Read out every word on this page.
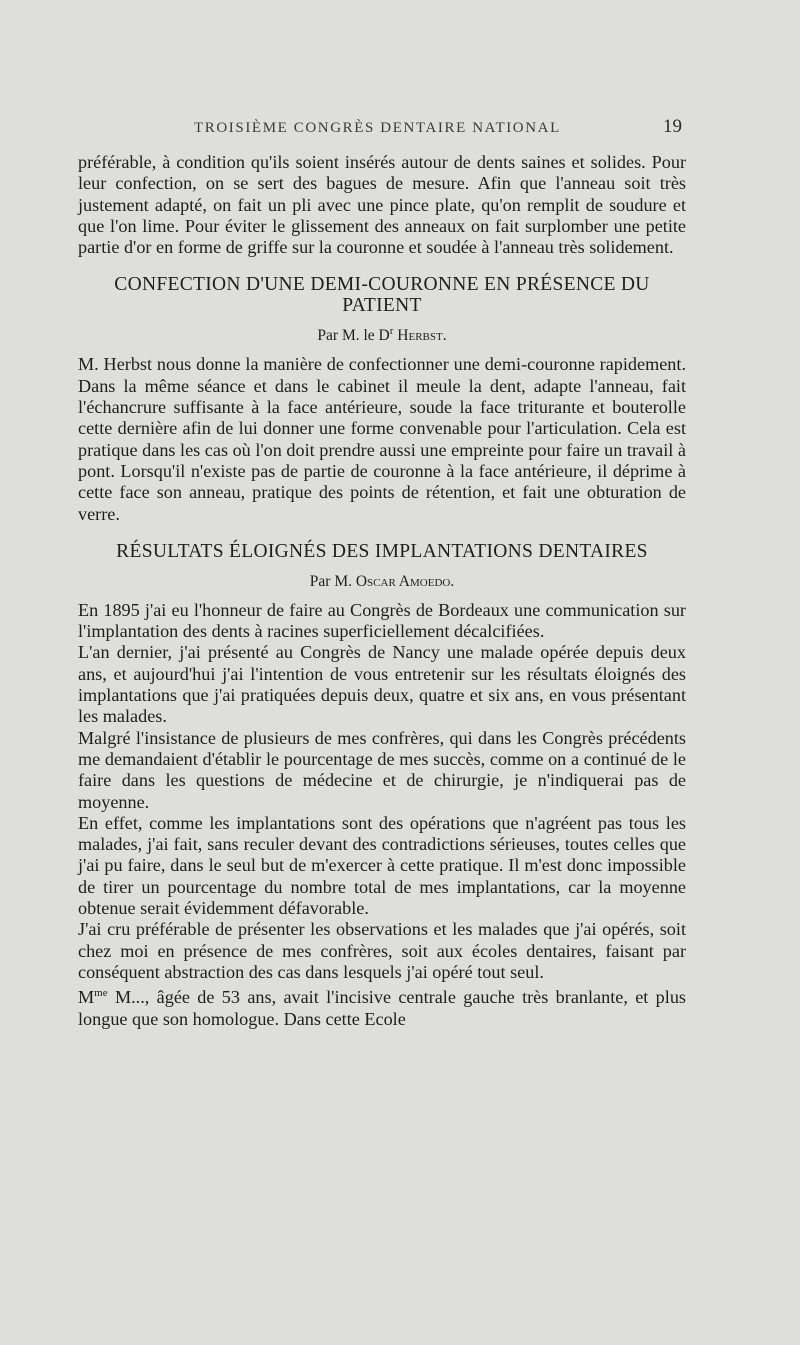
TROISIÈME CONGRÈS DENTAIRE NATIONAL	19

préférable, à condition qu'ils soient insérés autour de dents saines et solides. Pour leur confection, on se sert des bagues de mesure. Afin que l'anneau soit très justement adapté, on fait un pli avec une pince plate, qu'on remplit de soudure et que l'on lime. Pour éviter le glissement des anneaux on fait surplomber une petite partie d'or en forme de griffe sur la couronne et soudée à l'anneau très solidement.

CONFECTION D'UNE DEMI-COURONNE EN PRÉSENCE DU PATIENT
Par M. le $D^r$ Herbst.

M. Herbst nous donne la manière de confectionner une demi-couronne rapidement. Dans la même séance et dans le cabinet il meule la dent, adapte l'anneau, fait l'échancrure suffisante à la face antérieure, soude la face triturante et bouterolle cette dernière afin de lui donner une forme convenable pour l'articulation. Cela est pratique dans les cas où l'on doit prendre aussi une empreinte pour faire un travail à pont. Lorsqu'il n'existe pas de partie de couronne à la face antérieure, il déprime à cette face son anneau, pratique des points de rétention, et fait une obturation de verre.

RÉSULTATS ÉLOIGNÉS DES IMPLANTATIONS DENTAIRES
Par M. Oscar Amoedo.

En 1895 j'ai eu l'honneur de faire au Congrès de Bordeaux une communication sur l'implantation des dents à racines superficiellement décalcifiées.

L'an dernier, j'ai présenté au Congrès de Nancy une malade opérée depuis deux ans, et aujourd'hui j'ai l'intention de vous entretenir sur les résultats éloignés des implantations que j'ai pratiquées depuis deux, quatre et six ans, en vous présentant les malades.

Malgré l'insistance de plusieurs de mes confrères, qui dans les Congrès précédents me demandaient d'établir le pourcentage de mes succès, comme on a continué de le faire dans les questions de médecine et de chirurgie, je n'indiquerai pas de moyenne.

En effet, comme les implantations sont des opérations que n'agréent pas tous les malades, j'ai fait, sans reculer devant des contradictions sérieuses, toutes celles que j'ai pu faire, dans le seul but de m'exercer à cette pratique. Il m'est donc impossible de tirer un pourcentage du nombre total de mes implantations, car la moyenne obtenue serait évidemment défavorable.

J'ai cru préférable de présenter les observations et les malades que j'ai opérés, soit chez moi en présence de mes confrères, soit aux écoles dentaires, faisant par conséquent abstraction des cas dans lesquels j'ai opéré tout seul.

$M^{me}$ M..., âgée de 53 ans, avait l'incisive centrale gauche très branlante, et plus longue que son homologue. Dans cette Ecole
